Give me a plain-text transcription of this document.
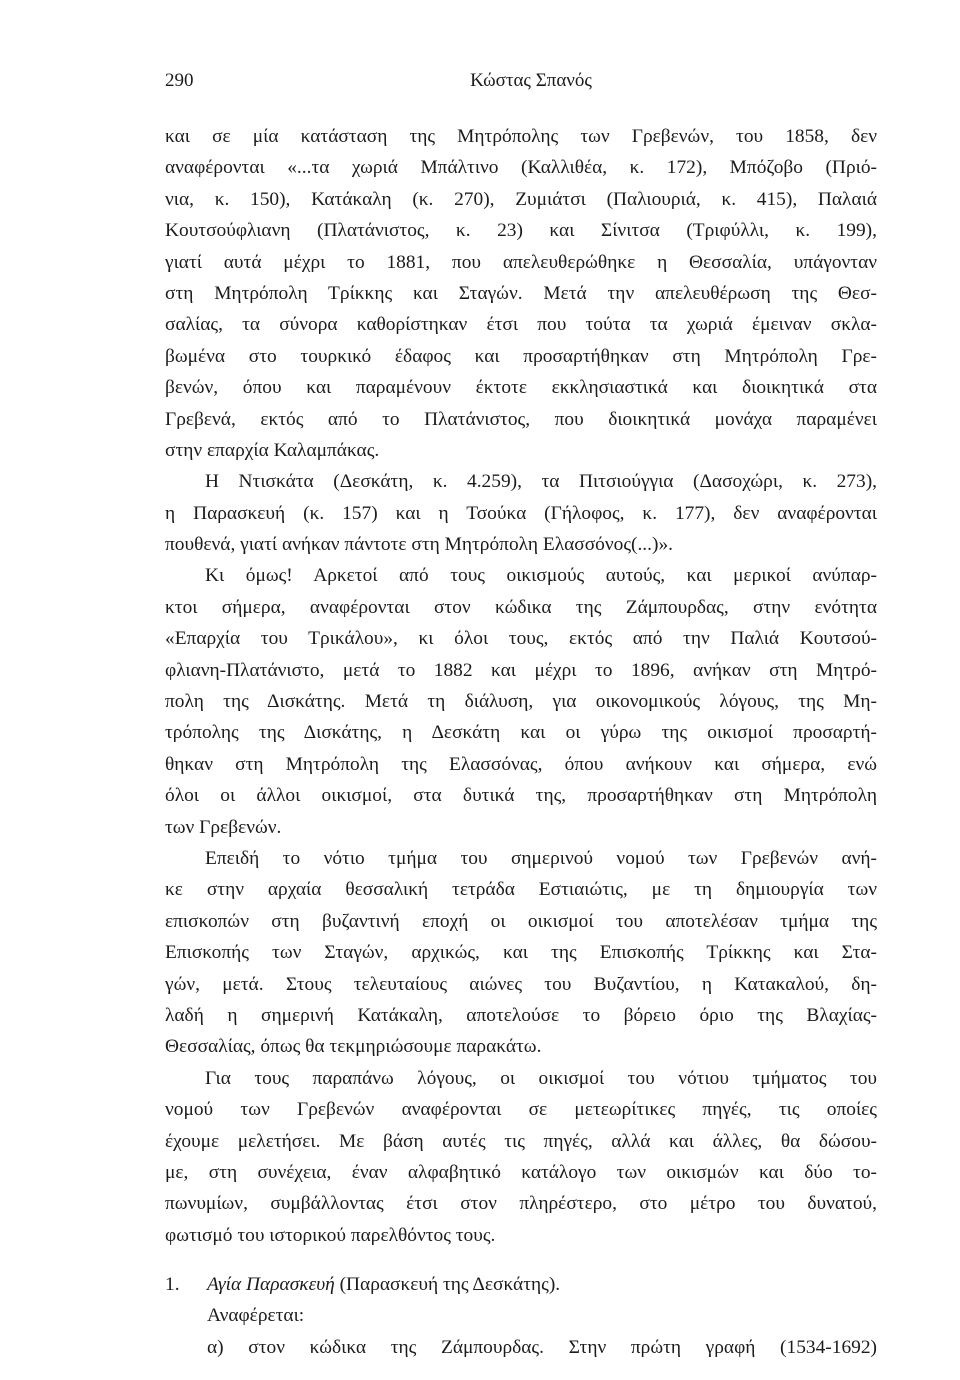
290	Κώστας Σπανός
και σε μία κατάσταση της Μητρόπολης των Γρεβενών, του 1858, δεν
αναφέρονται «...τα χωριά Μπάλτινο (Καλλιθέα, κ. 172), Μπόζοβο (Πριό-
νια, κ. 150), Κατάκαλη (κ. 270), Ζυμιάτσι (Παλιουριά, κ. 415), Παλαιά
Κουτσούφλιανη (Πλατάνιστος, κ. 23) και Σίνιτσα (Τριφύλλι, κ. 199),
γιατί αυτά μέχρι το 1881, που απελευθερώθηκε η Θεσσαλία, υπάγονταν
στη Μητρόπολη Τρίκκης και Σταγών. Μετά την απελευθέρωση της Θεσ-
σαλίας, τα σύνορα καθορίστηκαν έτσι που τούτα τα χωριά έμειναν σκλα-
βωμένα στο τουρκικό έδαφος και προσαρτήθηκαν στη Μητρόπολη Γρε-
βενών, όπου και παραμένουν έκτοτε εκκλησιαστικά και διοικητικά στα
Γρεβενά, εκτός από το Πλατάνιστος, που διοικητικά μονάχα παραμένει
στην επαρχία Καλαμπάκας.
Η Ντισκάτα (Δεσκάτη, κ. 4.259), τα Πιτσιούγγια (Δασοχώρι, κ. 273),
η Παρασκευή (κ. 157) και η Τσούκα (Γήλοφος, κ. 177), δεν αναφέρονται
πουθενά, γιατί ανήκαν πάντοτε στη Μητρόπολη Ελασσόνος(...)».
Κι όμως! Αρκετοί από τους οικισμούς αυτούς, και μερικοί ανύπαρ-
κτοι σήμερα, αναφέρονται στον κώδικα της Ζάμπουρδας, στην ενότητα
«Επαρχία του Τρικάλου», κι όλοι τους, εκτός από την Παλιά Κουτσού-
φλιανη-Πλατάνιστο, μετά το 1882 και μέχρι το 1896, ανήκαν στη Μητρό-
πολη της Δισκάτης. Μετά τη διάλυση, για οικονομικούς λόγους, της Μη-
τρόπολης της Δισκάτης, η Δεσκάτη και οι γύρω της οικισμοί προσαρτή-
θηκαν στη Μητρόπολη της Ελασσόνας, όπου ανήκουν και σήμερα, ενώ
όλοι οι άλλοι οικισμοί, στα δυτικά της, προσαρτήθηκαν στη Μητρόπολη
των Γρεβενών.
Επειδή το νότιο τμήμα του σημερινού νομού των Γρεβενών ανή-
κε στην αρχαία θεσσαλική τετράδα Εστιαιώτις, με τη δημιουργία των
επισκοπών στη βυζαντινή εποχή οι οικισμοί του αποτελέσαν τμήμα της
Επισκοπής των Σταγών, αρχικώς, και της Επισκοπής Τρίκκης και Στα-
γών, μετά. Στους τελευταίους αιώνες του Βυζαντίου, η Κατακαλού, δη-
λαδή η σημερινή Κατάκαλη, αποτελούσε το βόρειο όριο της Βλαχίας-
Θεσσαλίας, όπως θα τεκμηριώσουμε παρακάτω.
Για τους παραπάνω λόγους, οι οικισμοί του νότιου τμήματος του
νομού των Γρεβενών αναφέρονται σε μετεωρίτικες πηγές, τις οποίες
έχουμε μελετήσει. Με βάση αυτές τις πηγές, αλλά και άλλες, θα δώσου-
με, στη συνέχεια, έναν αλφαβητικό κατάλογο των οικισμών και δύο το-
πωνυμίων, συμβάλλοντας έτσι στον πληρέστερο, στο μέτρο του δυνατού,
φωτισμό του ιστορικού παρελθόντος τους.
1. Αγία Παρασκευή (Παρασκευή της Δεσκάτης).
Αναφέρεται:
α) στον κώδικα της Ζάμπουρδας. Στην πρώτη γραφή (1534-1692)
